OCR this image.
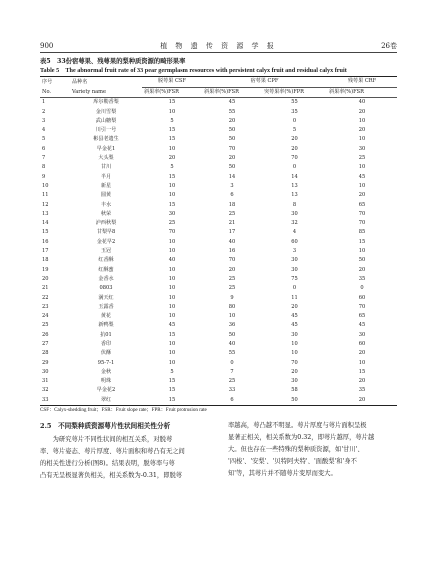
900	植 物 遗 传 资 源 学 报	26卷
表5　33份宿萼果、残萼果的梨种质资源的畸形果率
Table 5　The abnormal fruit rate of 33 pear germplasm resources with persistent calyx fruit and residual calyx fruit
序号	品种名	脱萼果 CSF	宿萼果 CPF		残萼果 CRF
No.	Variety name	斜果率(%)FSR	斜果率(%)FSR	突萼果率(%)FPR	斜果率(%)FSR
1	库尔勒香梨	15	45	55	40
2	金川雪梨	10	55	35	20
3	武山糖梨	5	20	0	10
4	川引一号	15	50	5	20
5	彬县老遗生	15	50	20	10
6	早金花1	10	70	20	30
7	大头梨	20	20	70	25
8	甘川	5	50	0	10
9	半月	15	14	14	45
10	新星	10	3	13	10
11	圆黄	10	6	13	20
12	丰水	15	18	8	65
13	秋荣	30	25	30	70
14	泸西秋梨	25	21	32	70
15	甘梨早8	70	17	4	85
16	金花早2	10	40	60	15
17	玉冠	10	16	3	10
18	红香酥	40	70	30	50
19	红酥蜜	10	20	30	20
20	金香水	10	25	75	35
21	0803	10	25	0	0
22	满天红	10	9	11	60
23	玉露香	10	80	20	70
24	黄花	10	10	45	65
25	新鸭梨	45	36	45	45
26	抗01	15	50	30	30
27	香印	10	40	10	60
28	伏酥	10	55	10	20
29	95-7-1	10	0	70	10
30	金秋	5	7	20	15
31	明珠	15	25	30	20
32	早金花2	15	33	58	35
33	翠红	15	6	50	20
CSF：Calyx-shedding fruit；FSR：Fruit slope rate；FPR：Fruit protrusion rate
2.5　不同梨种质资源萼片性状间相关性分析
　　为研究萼片不同性状间的相互关系，对脱萼
率、萼片姿态、萼片厚度、萼片面积和萼凸有无之间
的相关性进行分析(图8)。结果表明，脱萼率与萼
凸有无呈极显著负相关，相关系数为-0.31，即脱萼
率越高，萼凸越不明显。萼片厚度与萼片面积呈极
显著正相关，相关系数为0.32，即萼片越厚，萼片越
大。但也存在一些特殊的梨种质资源，如'甘川'、
'四梭'、'安梨'、'贝特阿夫特'、'面酸梨'和'身不
知'等，其萼片并不随萼片变厚而变大。
